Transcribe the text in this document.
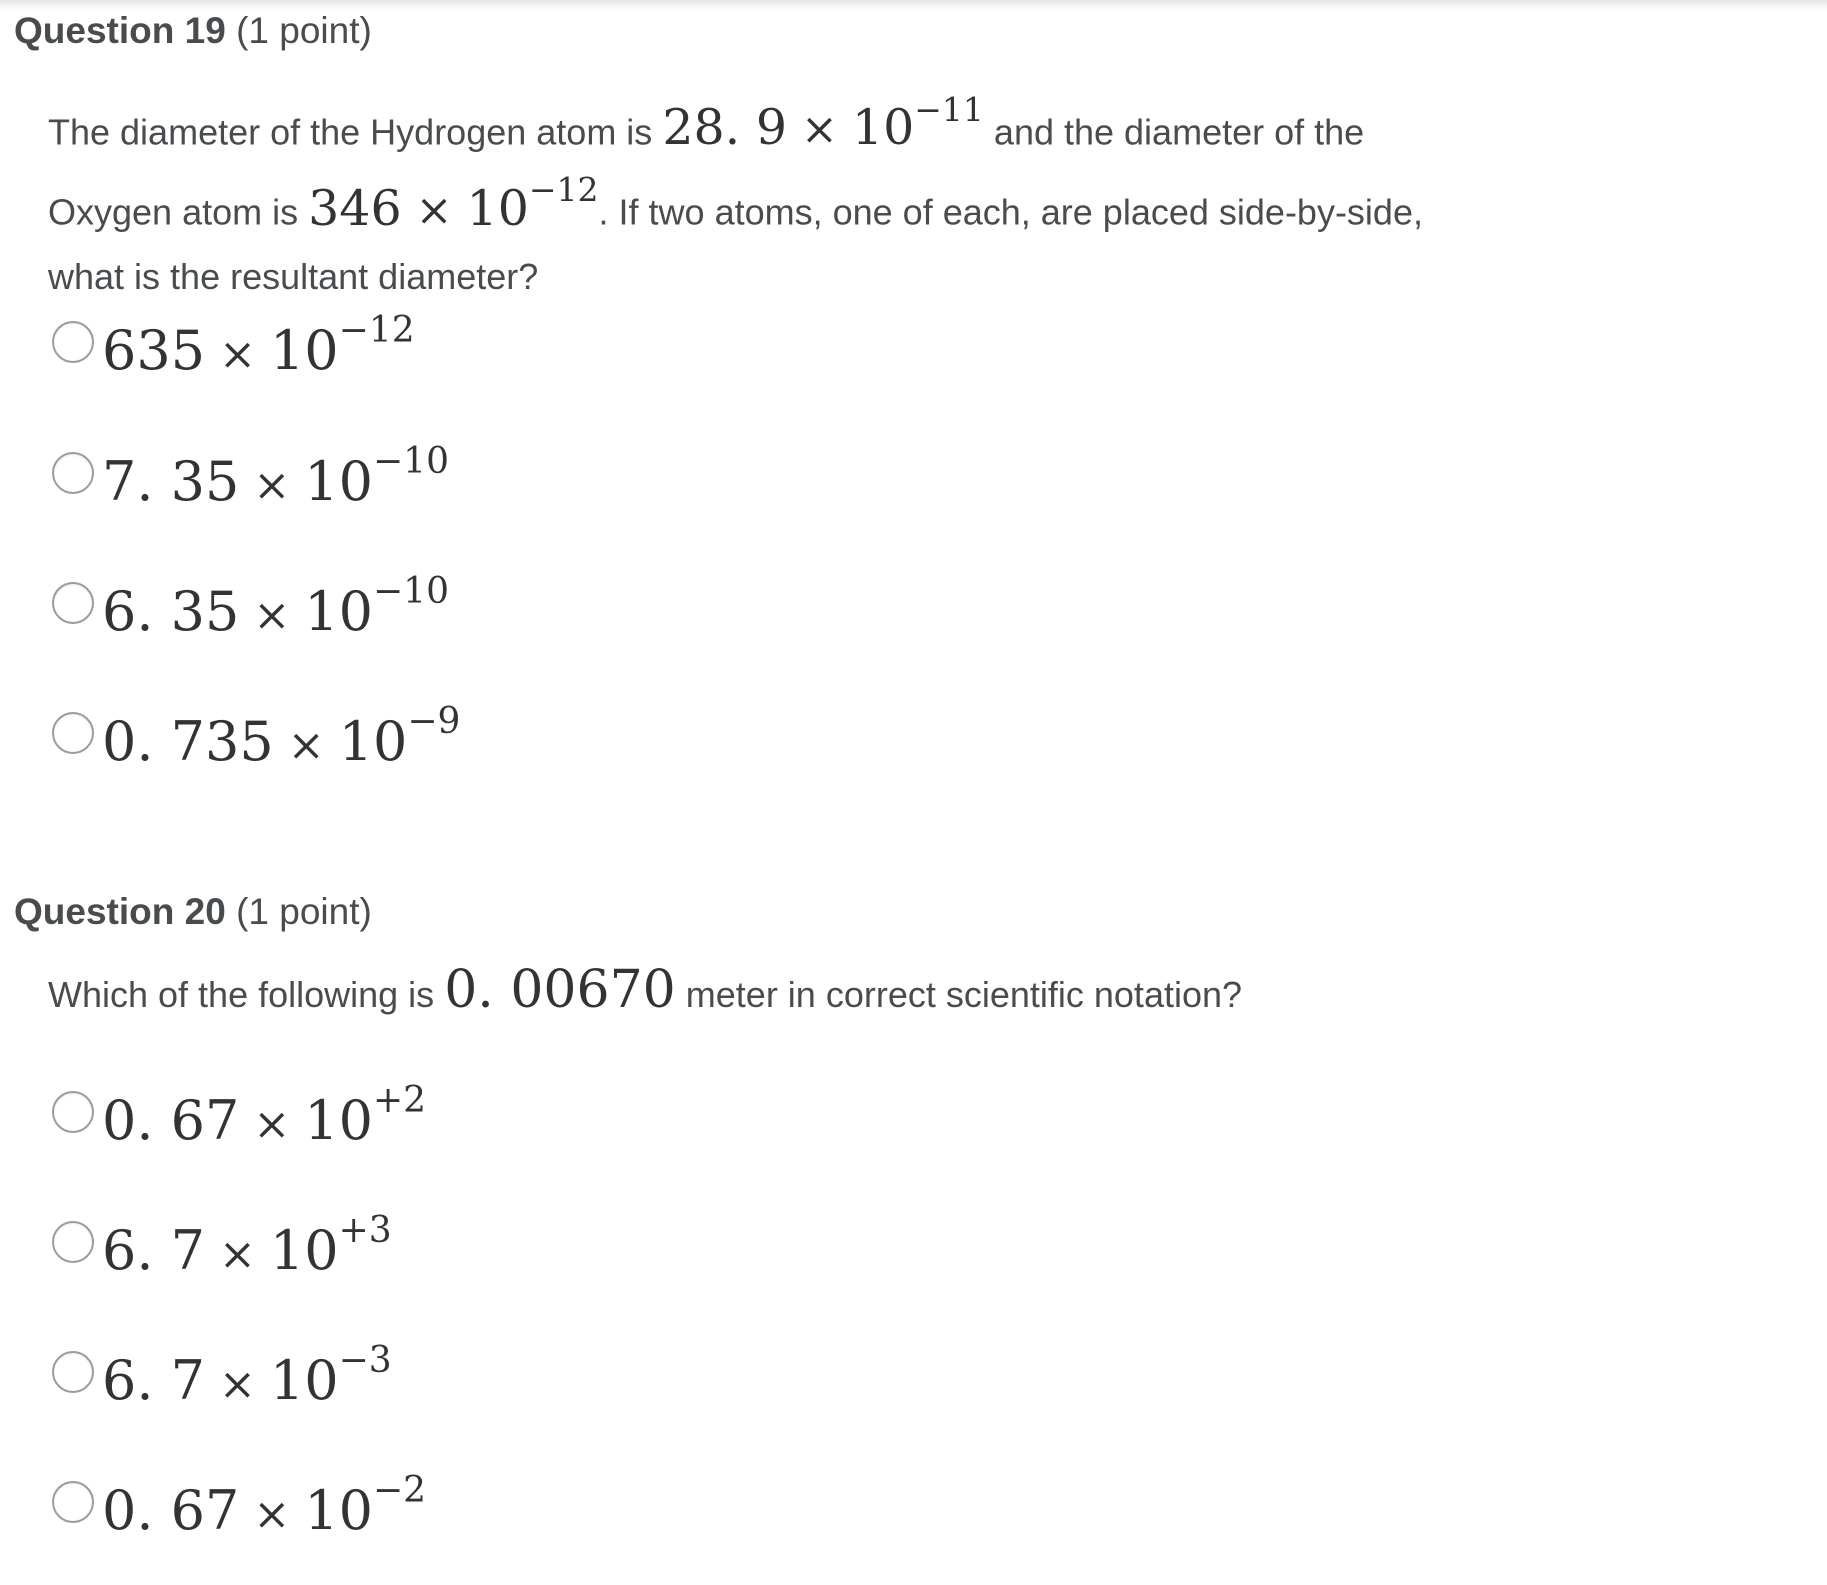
Question 19 (1 point)
The diameter of the Hydrogen atom is 28. $9 \times 10^{-11}$ and the diameter of the Oxygen atom is $346 \times 10^{-12}$. If two atoms, one of each, are placed side-by-side, what is the resultant diameter?
$635 \times 10^{-12}$
7. $35 \times 10^{-10}$
6. $35 \times 10^{-10}$
0. $735 \times 10^{-9}$
Question 20 (1 point)
Which of the following is 0. 00670 meter in correct scientific notation?
0. $67 \times 10^{+2}$
6. $7 \times 10^{+3}$
6. $7 \times 10^{-3}$
0. $67 \times 10^{-2}$
